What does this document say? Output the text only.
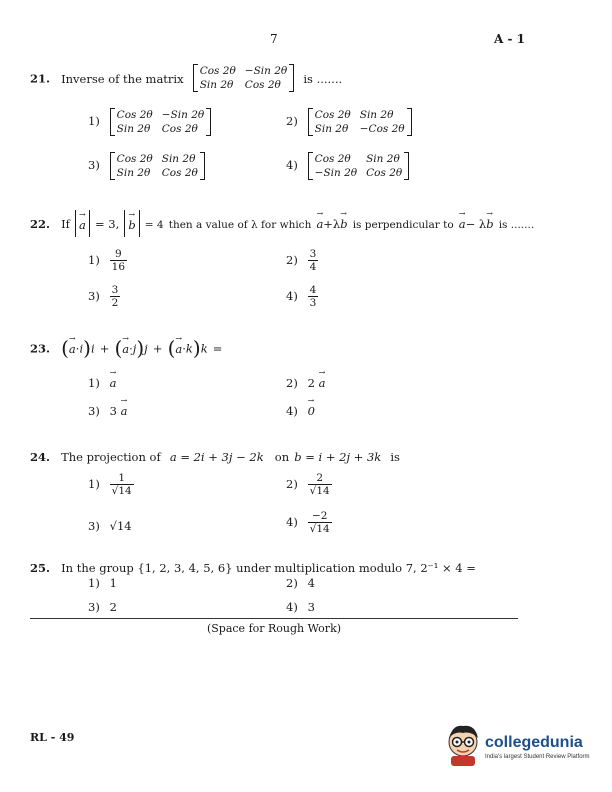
7	A - 1
21. Inverse of the matrix
Cos 2θ −Sin 2θ
Sin 2θ Cos 2θ	is .......
1) Cos 2θ −Sin 2θ
Sin 2θ Cos 2θ
2) Cos 2θ Sin 2θ
Sin 2θ −Cos 2θ
3) Cos 2θ Sin 2θ
Sin 2θ Cos 2θ
4) Cos 2θ	Sin 2θ
−Sin 2θ Cos 2θ
22. If → a = 3, → b = 4 then a value of λ for which → a+λ→ b is perpendicular to → a− λ→ b is .......
$1) \frac{9}{16}$	$2) \frac{3}{4}$
$3) \frac{3}{2}$	$4) \frac{4}{3}$
23. (→ a·i)i + (→ a·j)j + (→ a·k)k =
1) → a	2) 2 → a
3) 3 → a	4) → 0
24. The projection of a = 2i + 3j − 2k on b = i + 2j + 3k is
$1) \frac{1}{√14}$	$2) \frac{2}{√14}$
3) √14	$4) \frac{-2}{√14}$
25. In the group {1, 2, 3, 4, 5, 6} under multiplication modulo 7, 2⁻¹ × 4 =
1) 1	2) 4
3) 2	4) 3
(Space for Rough Work)
RL - 49	collegedunia
India's largest Student Review Platform
